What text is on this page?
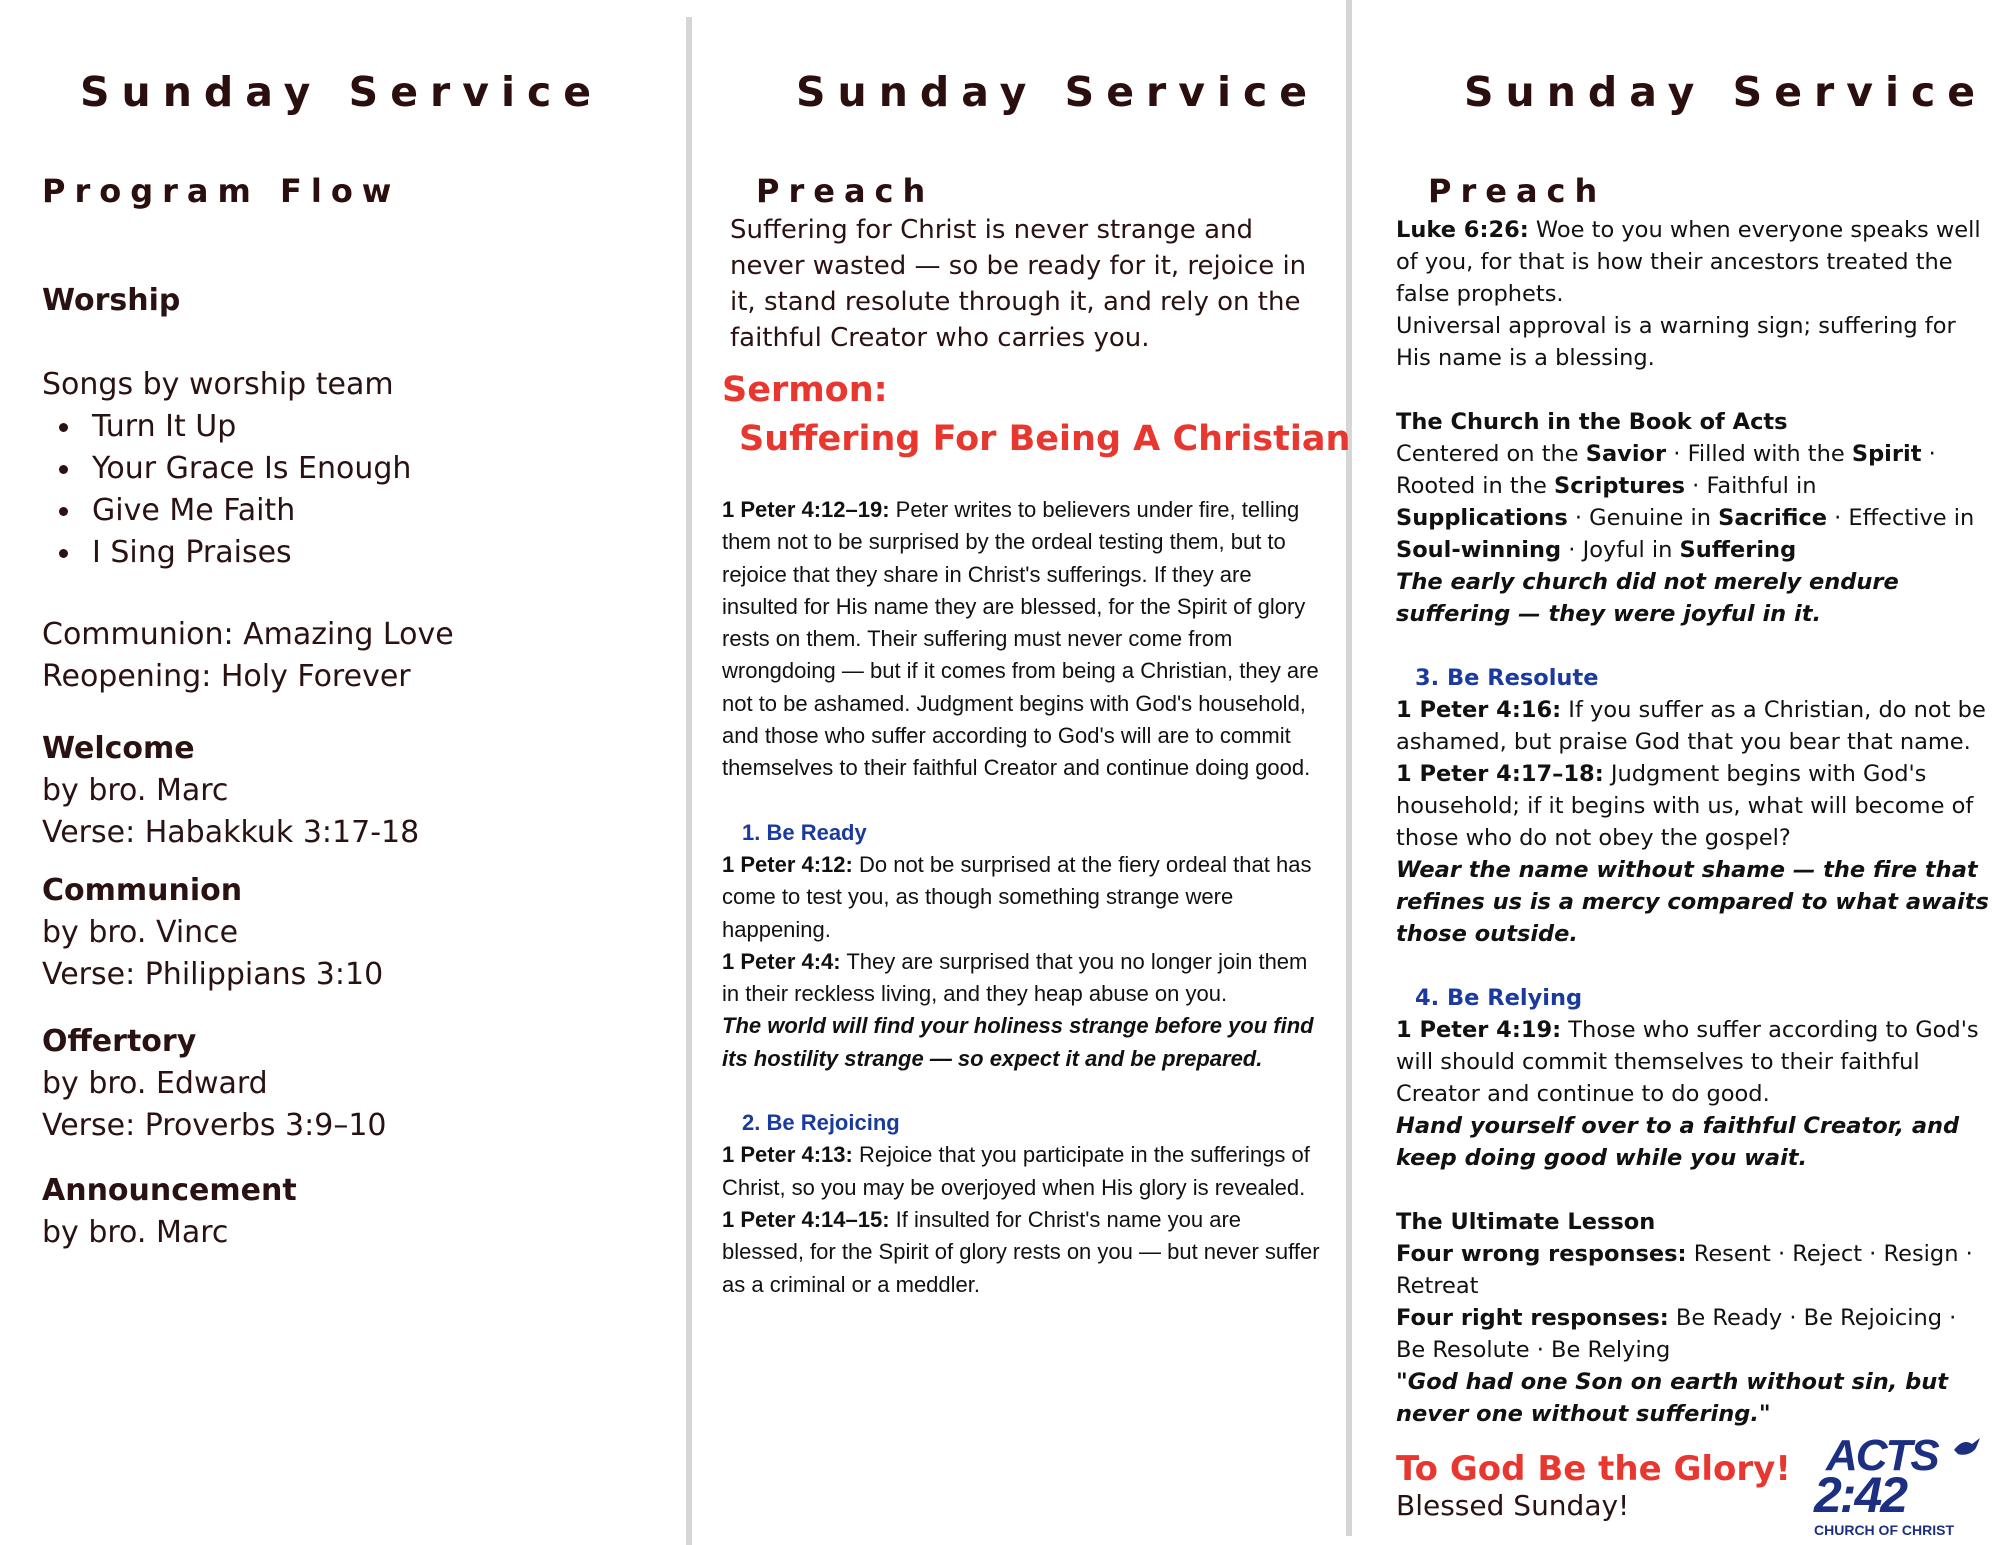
Sunday Service
Program Flow
Worship
Songs by worship team
Turn It Up
Your Grace Is Enough
Give Me Faith
I Sing Praises
Communion: Amazing Love
Reopening: Holy Forever
Welcome
by bro. Marc
Verse: Habakkuk 3:17-18
Communion
by bro. Vince
Verse: Philippians 3:10
Offertory
by bro. Edward
Verse: Proverbs 3:9–10
Announcement
by bro. Marc
Sunday Service
Preach
Suffering for Christ is never strange and
never wasted — so be ready for it, rejoice in
it, stand resolute through it, and rely on the
faithful Creator who carries you.
Sermon:
Suffering For Being A Christian

1 Peter 4:12–19: Peter writes to believers under fire, telling them not to be surprised by the ordeal testing them, but to rejoice that they share in Christ's sufferings. If they are insulted for His name they are blessed, for the Spirit of glory rests on them. Their suffering must never come from wrongdoing — but if it comes from being a Christian, they are not to be ashamed. Judgment begins with God's household, and those who suffer according to God's will are to commit themselves to their faithful Creator and continue doing good.

1. Be Ready

1 Peter 4:12: Do not be surprised at the fiery ordeal that has come to test you, as though something strange were happening.

1 Peter 4:4: They are surprised that you no longer join them in their reckless living, and they heap abuse on you.

The world will find your holiness strange before you find its hostility strange — so expect it and be prepared.

2. Be Rejoicing

1 Peter 4:13: Rejoice that you participate in the sufferings of Christ, so you may be overjoyed when His glory is revealed.

1 Peter 4:14–15: If insulted for Christ's name you are blessed, for the Spirit of glory rests on you — but never suffer as a criminal or a meddler.

Sunday Service
Preach

Luke 6:26: Woe to you when everyone speaks well of you, for that is how their ancestors treated the false prophets.

Universal approval is a warning sign; suffering for His name is a blessing.

The Church in the Book of Acts

Centered on the Savior · Filled with the Spirit · Rooted in the Scriptures · Faithful in Supplications · Genuine in Sacrifice · Effective in Soul-winning · Joyful in Suffering

The early church did not merely endure suffering — they were joyful in it.

3. Be Resolute

1 Peter 4:16: If you suffer as a Christian, do not be ashamed, but praise God that you bear that name.

1 Peter 4:17–18: Judgment begins with God's household; if it begins with us, what will become of those who do not obey the gospel?

Wear the name without shame — the fire that refines us is a mercy compared to what awaits those outside.

4. Be Relying

1 Peter 4:19: Those who suffer according to God's will should commit themselves to their faithful Creator and continue to do good.

Hand yourself over to a faithful Creator, and keep doing good while you wait.

The Ultimate Lesson

Four wrong responses: Resent · Reject · Resign · Retreat

Four right responses: Be Ready · Be Rejoicing · Be Resolute · Be Relying

"God had one Son on earth without sin, but never one without suffering."

To God Be the Glory!
Blessed Sunday!
ACTS
2:42
CHURCH OF CHRIST
